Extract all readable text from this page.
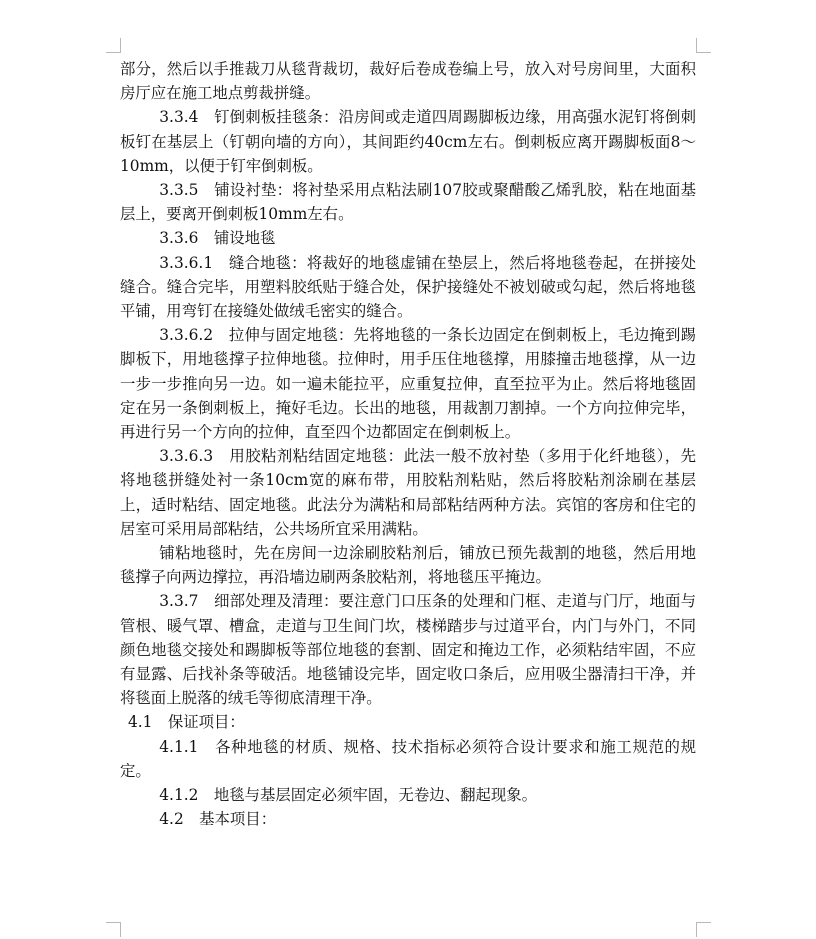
部分，然后以手推裁刀从毯背裁切，裁好后卷成卷编上号，放入对号房间里，大面积房厅应在施工地点剪裁拼缝。

3.3.4　钉倒刺板挂毯条：沿房间或走道四周踢脚板边缘，用高强水泥钉将倒刺板钉在基层上（钉朝向墙的方向），其间距约40cm左右。倒刺板应离开踢脚板面8～10mm，以便于钉牢倒刺板。

3.3.5　铺设衬垫：将衬垫采用点粘法刷107胶或聚醋酸乙烯乳胶，粘在地面基层上，要离开倒刺板10mm左右。

3.3.6　铺设地毯

3.3.6.1　缝合地毯：将裁好的地毯虚铺在垫层上，然后将地毯卷起，在拼接处缝合。缝合完毕，用塑料胶纸贴于缝合处，保护接缝处不被划破或勾起，然后将地毯平铺，用弯钉在接缝处做绒毛密实的缝合。

3.3.6.2　拉伸与固定地毯：先将地毯的一条长边固定在倒刺板上，毛边掩到踢脚板下，用地毯撑子拉伸地毯。拉伸时，用手压住地毯撑，用膝撞击地毯撑，从一边一步一步推向另一边。如一遍未能拉平，应重复拉伸，直至拉平为止。然后将地毯固定在另一条倒刺板上，掩好毛边。长出的地毯，用裁割刀割掉。一个方向拉伸完毕，再进行另一个方向的拉伸，直至四个边都固定在倒刺板上。

3.3.6.3　用胶粘剂粘结固定地毯：此法一般不放衬垫（多用于化纤地毯），先将地毯拼缝处衬一条10cm宽的麻布带，用胶粘剂粘贴，然后将胶粘剂涂刷在基层上，适时粘结、固定地毯。此法分为满粘和局部粘结两种方法。宾馆的客房和住宅的居室可采用局部粘结，公共场所宜采用满粘。

铺粘地毯时，先在房间一边涂刷胶粘剂后，铺放已预先裁割的地毯，然后用地毯撑子向两边撑拉，再沿墙边刷两条胶粘剂，将地毯压平掩边。

3.3.7　细部处理及清理：要注意门口压条的处理和门框、走道与门厅，地面与管根、暖气罩、槽盒，走道与卫生间门坎，楼梯踏步与过道平台，内门与外门，不同颜色地毯交接处和踢脚板等部位地毯的套割、固定和掩边工作，必须粘结牢固，不应有显露、后找补条等破活。地毯铺设完毕，固定收口条后，应用吸尘器清扫干净，并将毯面上脱落的绒毛等彻底清理干净。

4.1　保证项目：

4.1.1　各种地毯的材质、规格、技术指标必须符合设计要求和施工规范的规定。

4.1.2　地毯与基层固定必须牢固，无卷边、翻起现象。

4.2　基本项目：
